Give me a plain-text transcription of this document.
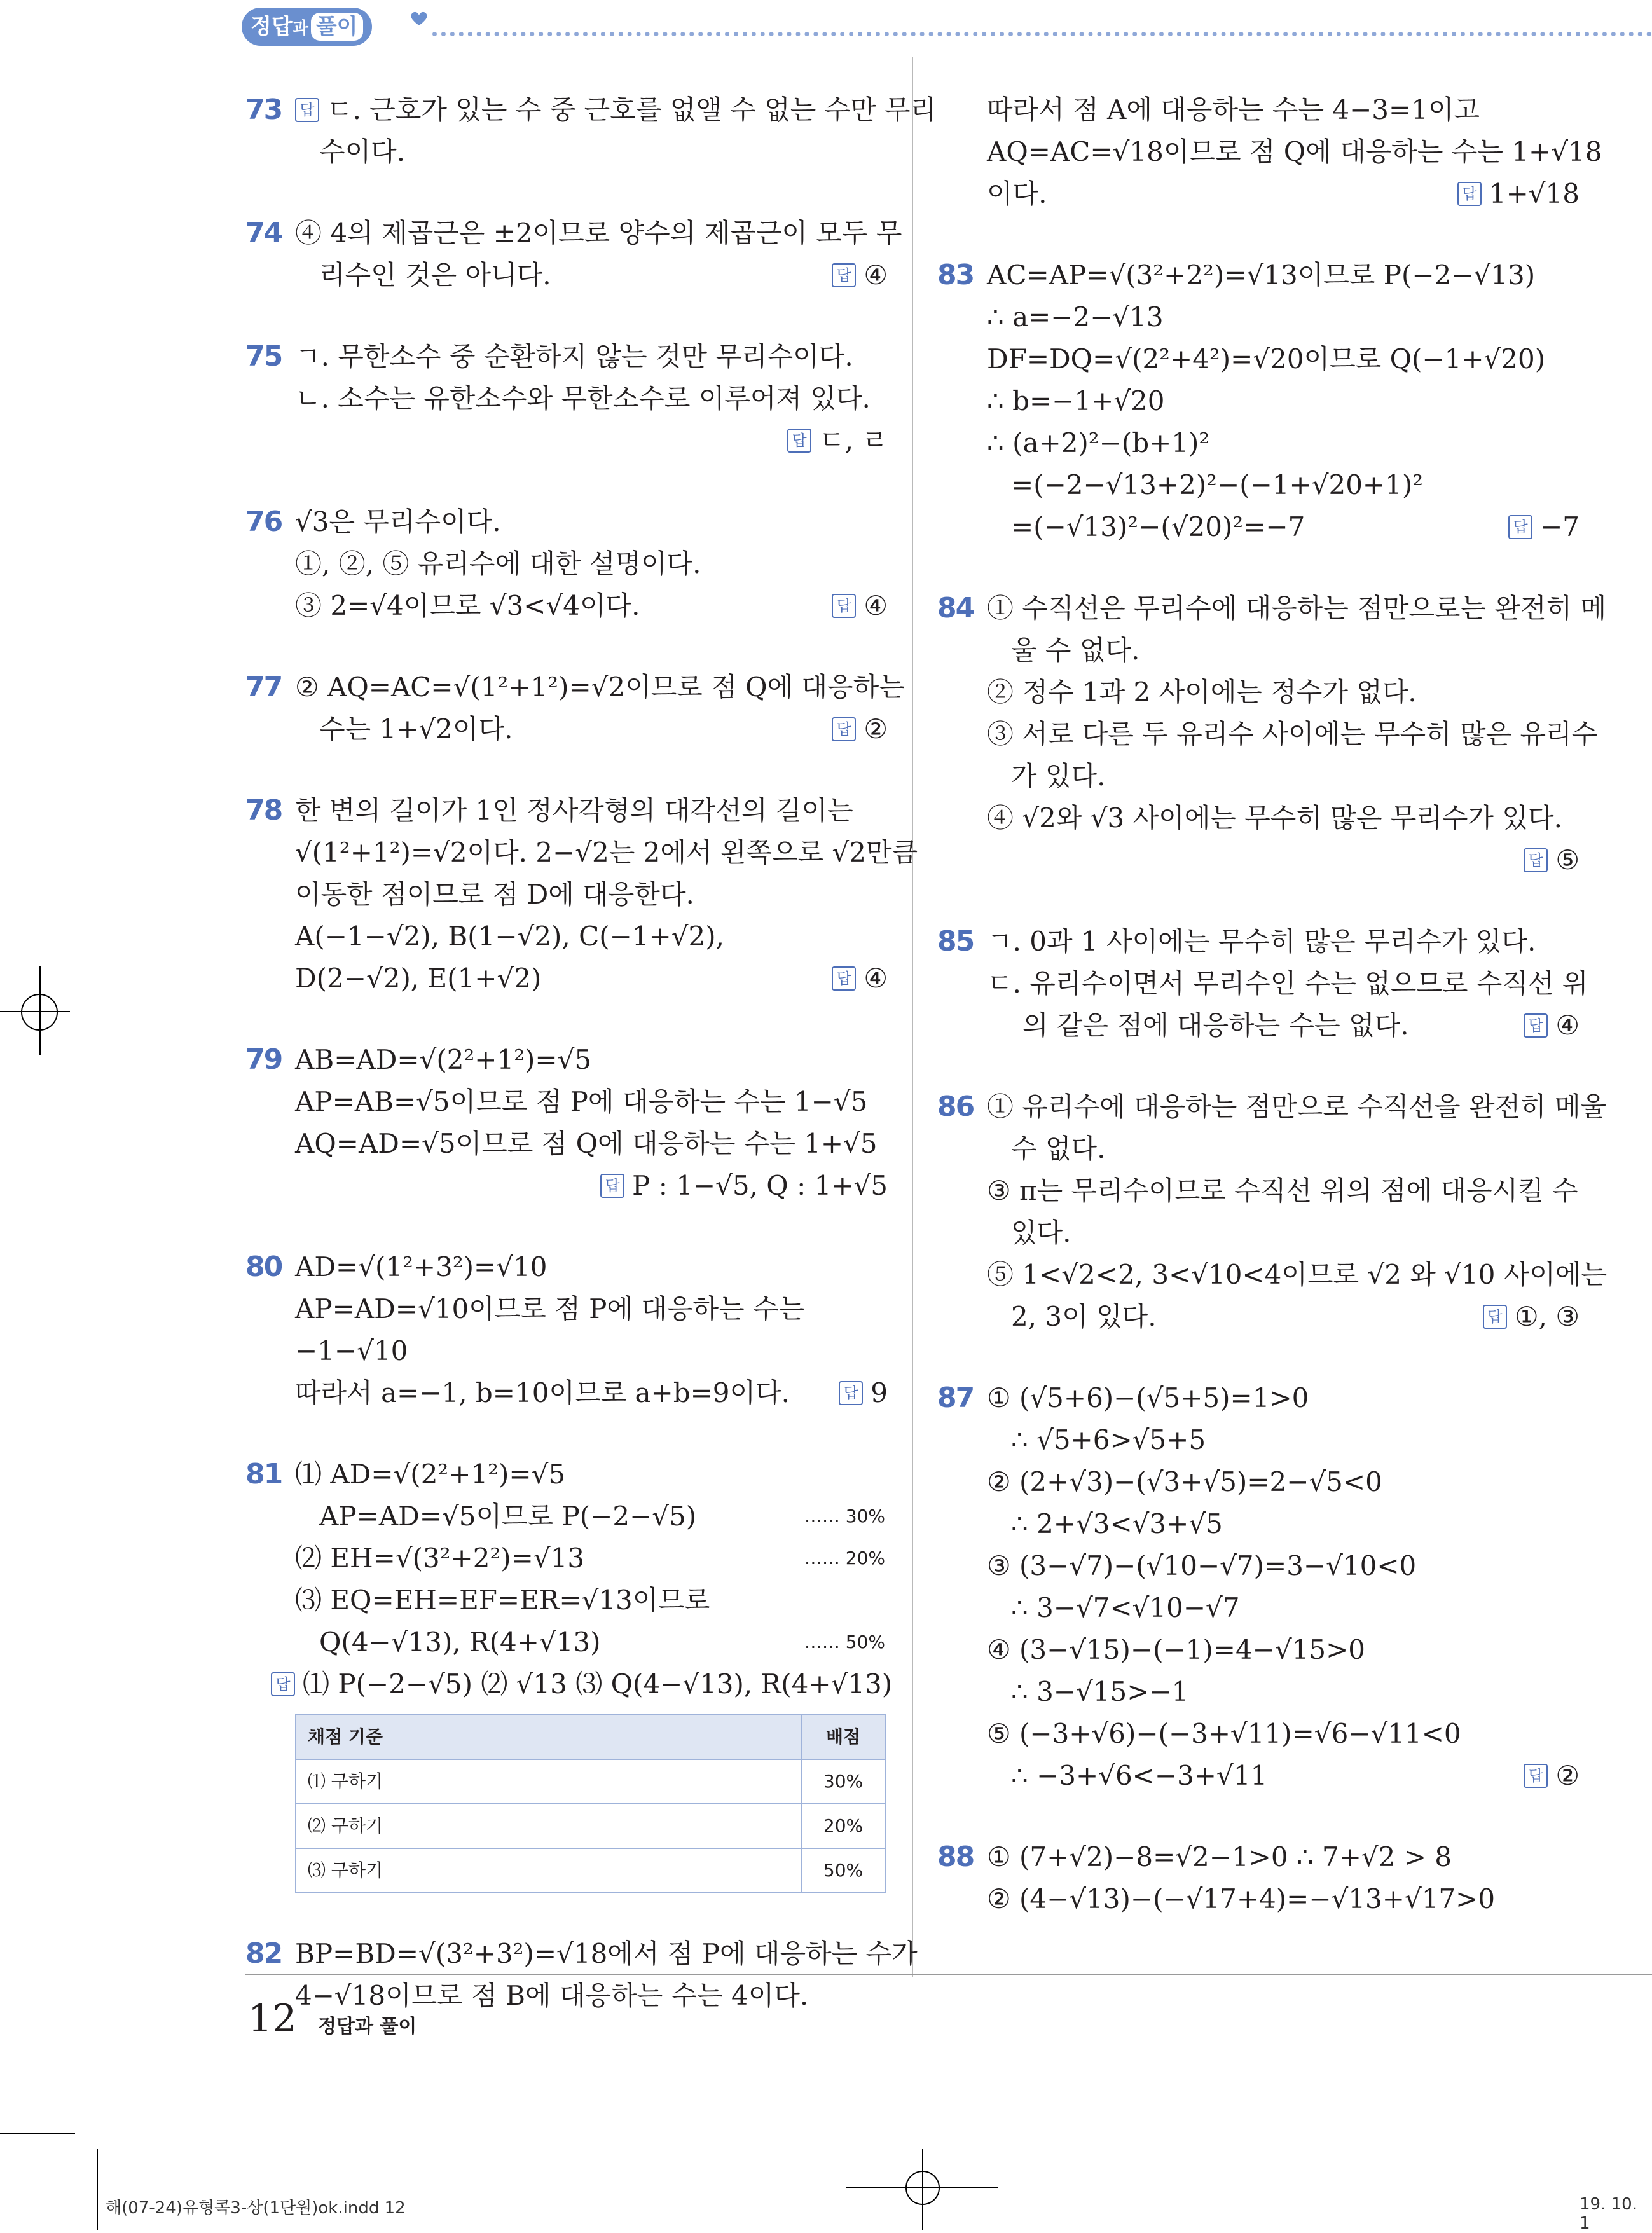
정답과 풀이
73	답 ㄷ. 근호가 있는 수 중 근호를 없앨 수 없는 수만 무리
수이다.
74 ④ 4의 제곱근은 ±2이므로 양수의 제곱근이 모두 무
리수인 것은 아니다.	답 ④
75 ㄱ. 무한소수 중 순환하지 않는 것만 무리수이다.
ㄴ. 소수는 유한소수와 무한소수로 이루어져 있다.
답 ㄷ, ㄹ
76 √3은 무리수이다.
①, ②, ⑤ 유리수에 대한 설명이다.
③ 2=√4이므로 √3<√4이다.	답 ④
77 ② AQ=AC=√(1²+1²)=√2이므로 점 Q에 대응하는
수는 1+√2이다.	답 ②
78 한 변의 길이가 1인 정사각형의 대각선의 길이는
√(1²+1²)=√2이다. 2−√2는 2에서 왼쪽으로 √2만큼
이동한 점이므로 점 D에 대응한다.
A(−1−√2), B(1−√2), C(−1+√2),
D(2−√2), E(1+√2)	답 ④
79 AB=AD=√(2²+1²)=√5
AP=AB=√5이므로 점 P에 대응하는 수는 1−√5
AQ=AD=√5이므로 점 Q에 대응하는 수는 1+√5
답 P : 1−√5, Q : 1+√5
80 AD=√(1²+3²)=√10
AP=AD=√10이므로 점 P에 대응하는 수는
−1−√10
따라서 a=−1, b=10이므로 a+b=9이다.	답 9
81 ⑴ AD=√(2²+1²)=√5
AP=AD=√5이므로 P(−2−√5)	…… 30%
⑵ EH=√(3²+2²)=√13	…… 20%
⑶ EQ=EH=EF=ER=√13이므로
Q(4−√13), R(4+√13)	…… 50%
답 ⑴ P(−2−√5) ⑵ √13 ⑶ Q(4−√13), R(4+√13)
채점 기준	배점
⑴ 구하기	30%
⑵ 구하기	20%
⑶ 구하기	50%
82 BP=BD=√(3²+3²)=√18에서 점 P에 대응하는 수가
4−√18이므로 점 B에 대응하는 수는 4이다.
따라서 점 A에 대응하는 수는 4−3=1이고
AQ=AC=√18이므로 점 Q에 대응하는 수는 1+√18
이다.	답 1+√18
83 AC=AP=√(3²+2²)=√13이므로 P(−2−√13)
∴ a=−2−√13
DF=DQ=√(2²+4²)=√20이므로 Q(−1+√20)
∴ b=−1+√20
∴ (a+2)²−(b+1)²
=(−2−√13+2)²−(−1+√20+1)²
=(−√13)²−(√20)²=−7	답 −7
84 ① 수직선은 무리수에 대응하는 점만으로는 완전히 메
울 수 없다.
② 정수 1과 2 사이에는 정수가 없다.
③ 서로 다른 두 유리수 사이에는 무수히 많은 유리수
가 있다.
④ √2와 √3 사이에는 무수히 많은 무리수가 있다.
답 ⑤
85 ㄱ. 0과 1 사이에는 무수히 많은 무리수가 있다.
ㄷ. 유리수이면서 무리수인 수는 없으므로 수직선 위
의 같은 점에 대응하는 수는 없다.	답 ④
86 ① 유리수에 대응하는 점만으로 수직선을 완전히 메울
수 없다.
③ π는 무리수이므로 수직선 위의 점에 대응시킬 수
있다.
⑤ 1<√2<2, 3<√10<4이므로 √2 와 √10 사이에는
2, 3이 있다.	답 ①, ③
87 ① (√5+6)−(√5+5)=1>0
∴ √5+6>√5+5
② (2+√3)−(√3+√5)=2−√5<0
∴ 2+√3<√3+√5
③ (3−√7)−(√10−√7)=3−√10<0
∴ 3−√7<√10−√7
④ (3−√15)−(−1)=4−√15>0
∴ 3−√15>−1
⑤ (−3+√6)−(−3+√11)=√6−√11<0
∴ −3+√6<−3+√11	답 ②
88 ① (7+√2)−8=√2−1>0 ∴ 7+√2 > 8
② (4−√13)−(−√17+4)=−√13+√17>0
12 정답과 풀이
해(07-24)유형콕3-상(1단원)ok.indd 12	19. 10. 1
